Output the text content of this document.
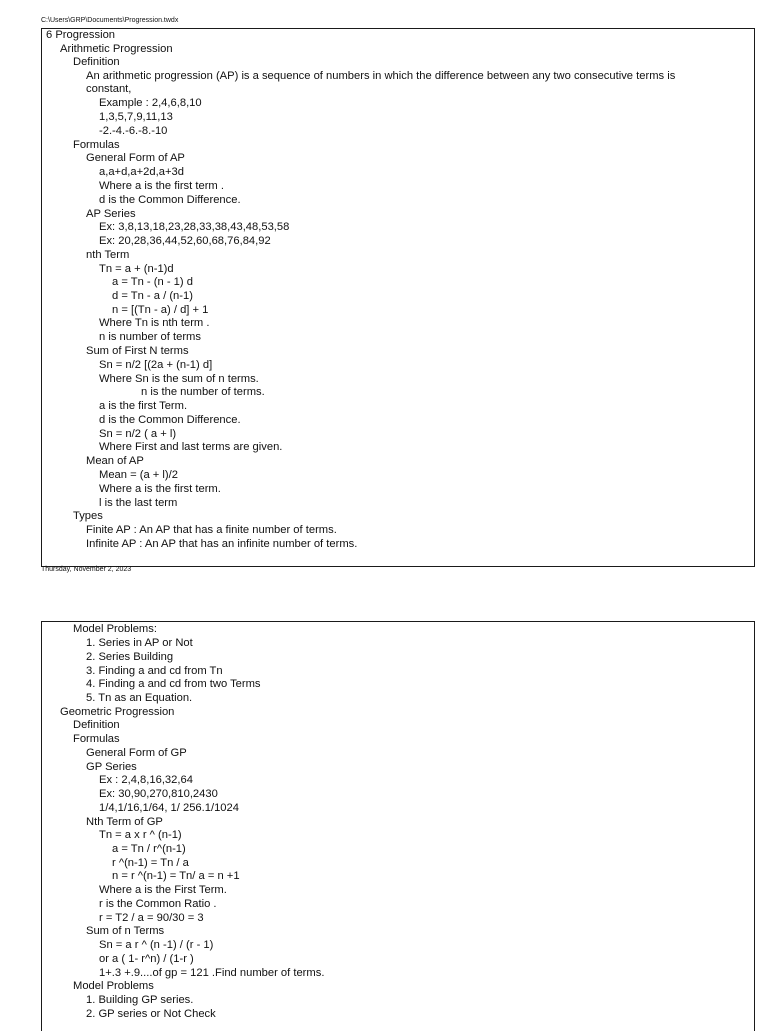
C:\Users\GRP\Documents\Progression.twdx
Thursday, November 2, 2023
6 Progression
Arithmetic Progression
Definition
An arithmetic progression (AP) is a sequence of numbers in which the difference between any two consecutive terms is constant,
Example : 2,4,6,8,10
1,3,5,7,9,11,13
-2.-4.-6.-8.-10
Formulas
General Form of AP
a,a+d,a+2d,a+3d
Where a is the first term .
d is the Common Difference.
AP Series
Ex: 3,8,13,18,23,28,33,38,43,48,53,58
Ex: 20,28,36,44,52,60,68,76,84,92
nth Term
Tn = a + (n-1)d
a = Tn - (n - 1) d
d = Tn - a / (n-1)
n = [(Tn - a) / d] + 1
Where Tn is nth term .
n is number of terms
Sum of First N terms
Sn = n/2 [(2a + (n-1) d]
Where Sn is the sum of n terms.
n is the number of terms.
a is the first Term.
d is the Common Difference.
Sn = n/2 ( a + l)
Where First and last terms are given.
Mean of AP
Mean = (a + l)/2
Where a is the first term.
l is the last term
Types
Finite AP : An AP that has a finite number of terms.
Infinite AP : An AP that has an infinite number of terms.
Model Problems:
1. Series in AP or Not
2. Series Building
3. Finding a and cd from Tn
4. Finding a and cd from two Terms
5. Tn as an Equation.
Geometric Progression
Definition
Formulas
General Form of GP
GP Series
Ex : 2,4,8,16,32,64
Ex: 30,90,270,810,2430
1/4,1/16,1/64, 1/ 256.1/1024
Nth Term of GP
Tn = a x r ^ (n-1)
a = Tn / r^(n-1)
r ^(n-1) = Tn / a
n = r ^(n-1) = Tn/ a = n +1
Where a is the First Term.
r is the Common Ratio .
r = T2 / a = 90/30 = 3
Sum of n Terms
Sn = a r ^ (n -1) / (r - 1)
or a ( 1- r^n) / (1-r )
1+.3 +.9....of gp = 121 .Find number of terms.
Model Problems
1. Building GP series.
2. GP series or Not Check
